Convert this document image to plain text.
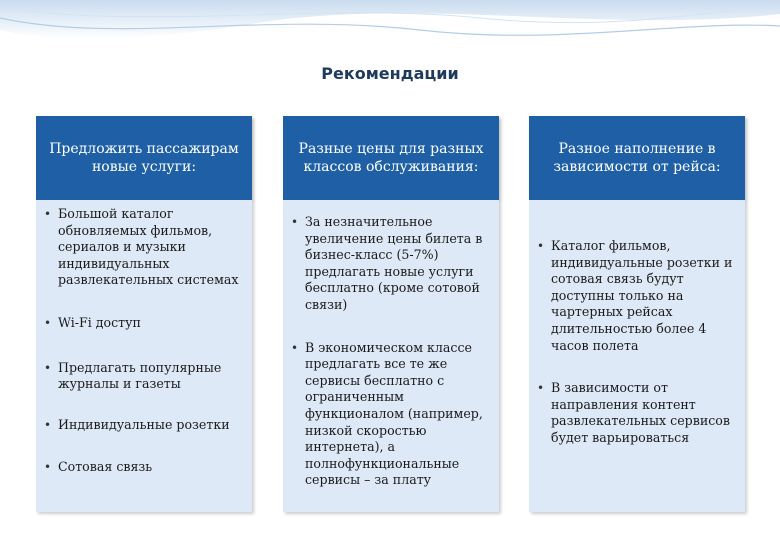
Рекомендации
Предложить пассажирам новые услуги:
• Большой каталог обновляемых фильмов, сериалов и музыки индивидуальных развлекательных системах
• Wi-Fi доступ
• Предлагать популярные журналы и газеты
• Индивидуальные розетки
• Сотовая связь
Разные цены для разных классов обслуживания:
• За незначительное увеличение цены билета в бизнес-класс (5-7%) предлагать новые услуги бесплатно (кроме сотовой связи)
• В экономическом классе предлагать все те же сервисы бесплатно с ограниченным функционалом (например, низкой скоростью интернета), а полнофункциональные сервисы – за плату
Разное наполнение в зависимости от рейса:
• Каталог фильмов, индивидуальные розетки и сотовая связь будут доступны только на чартерных рейсах длительностью более 4 часов полета
• В зависимости от направления контент развлекательных сервисов будет варьироваться
